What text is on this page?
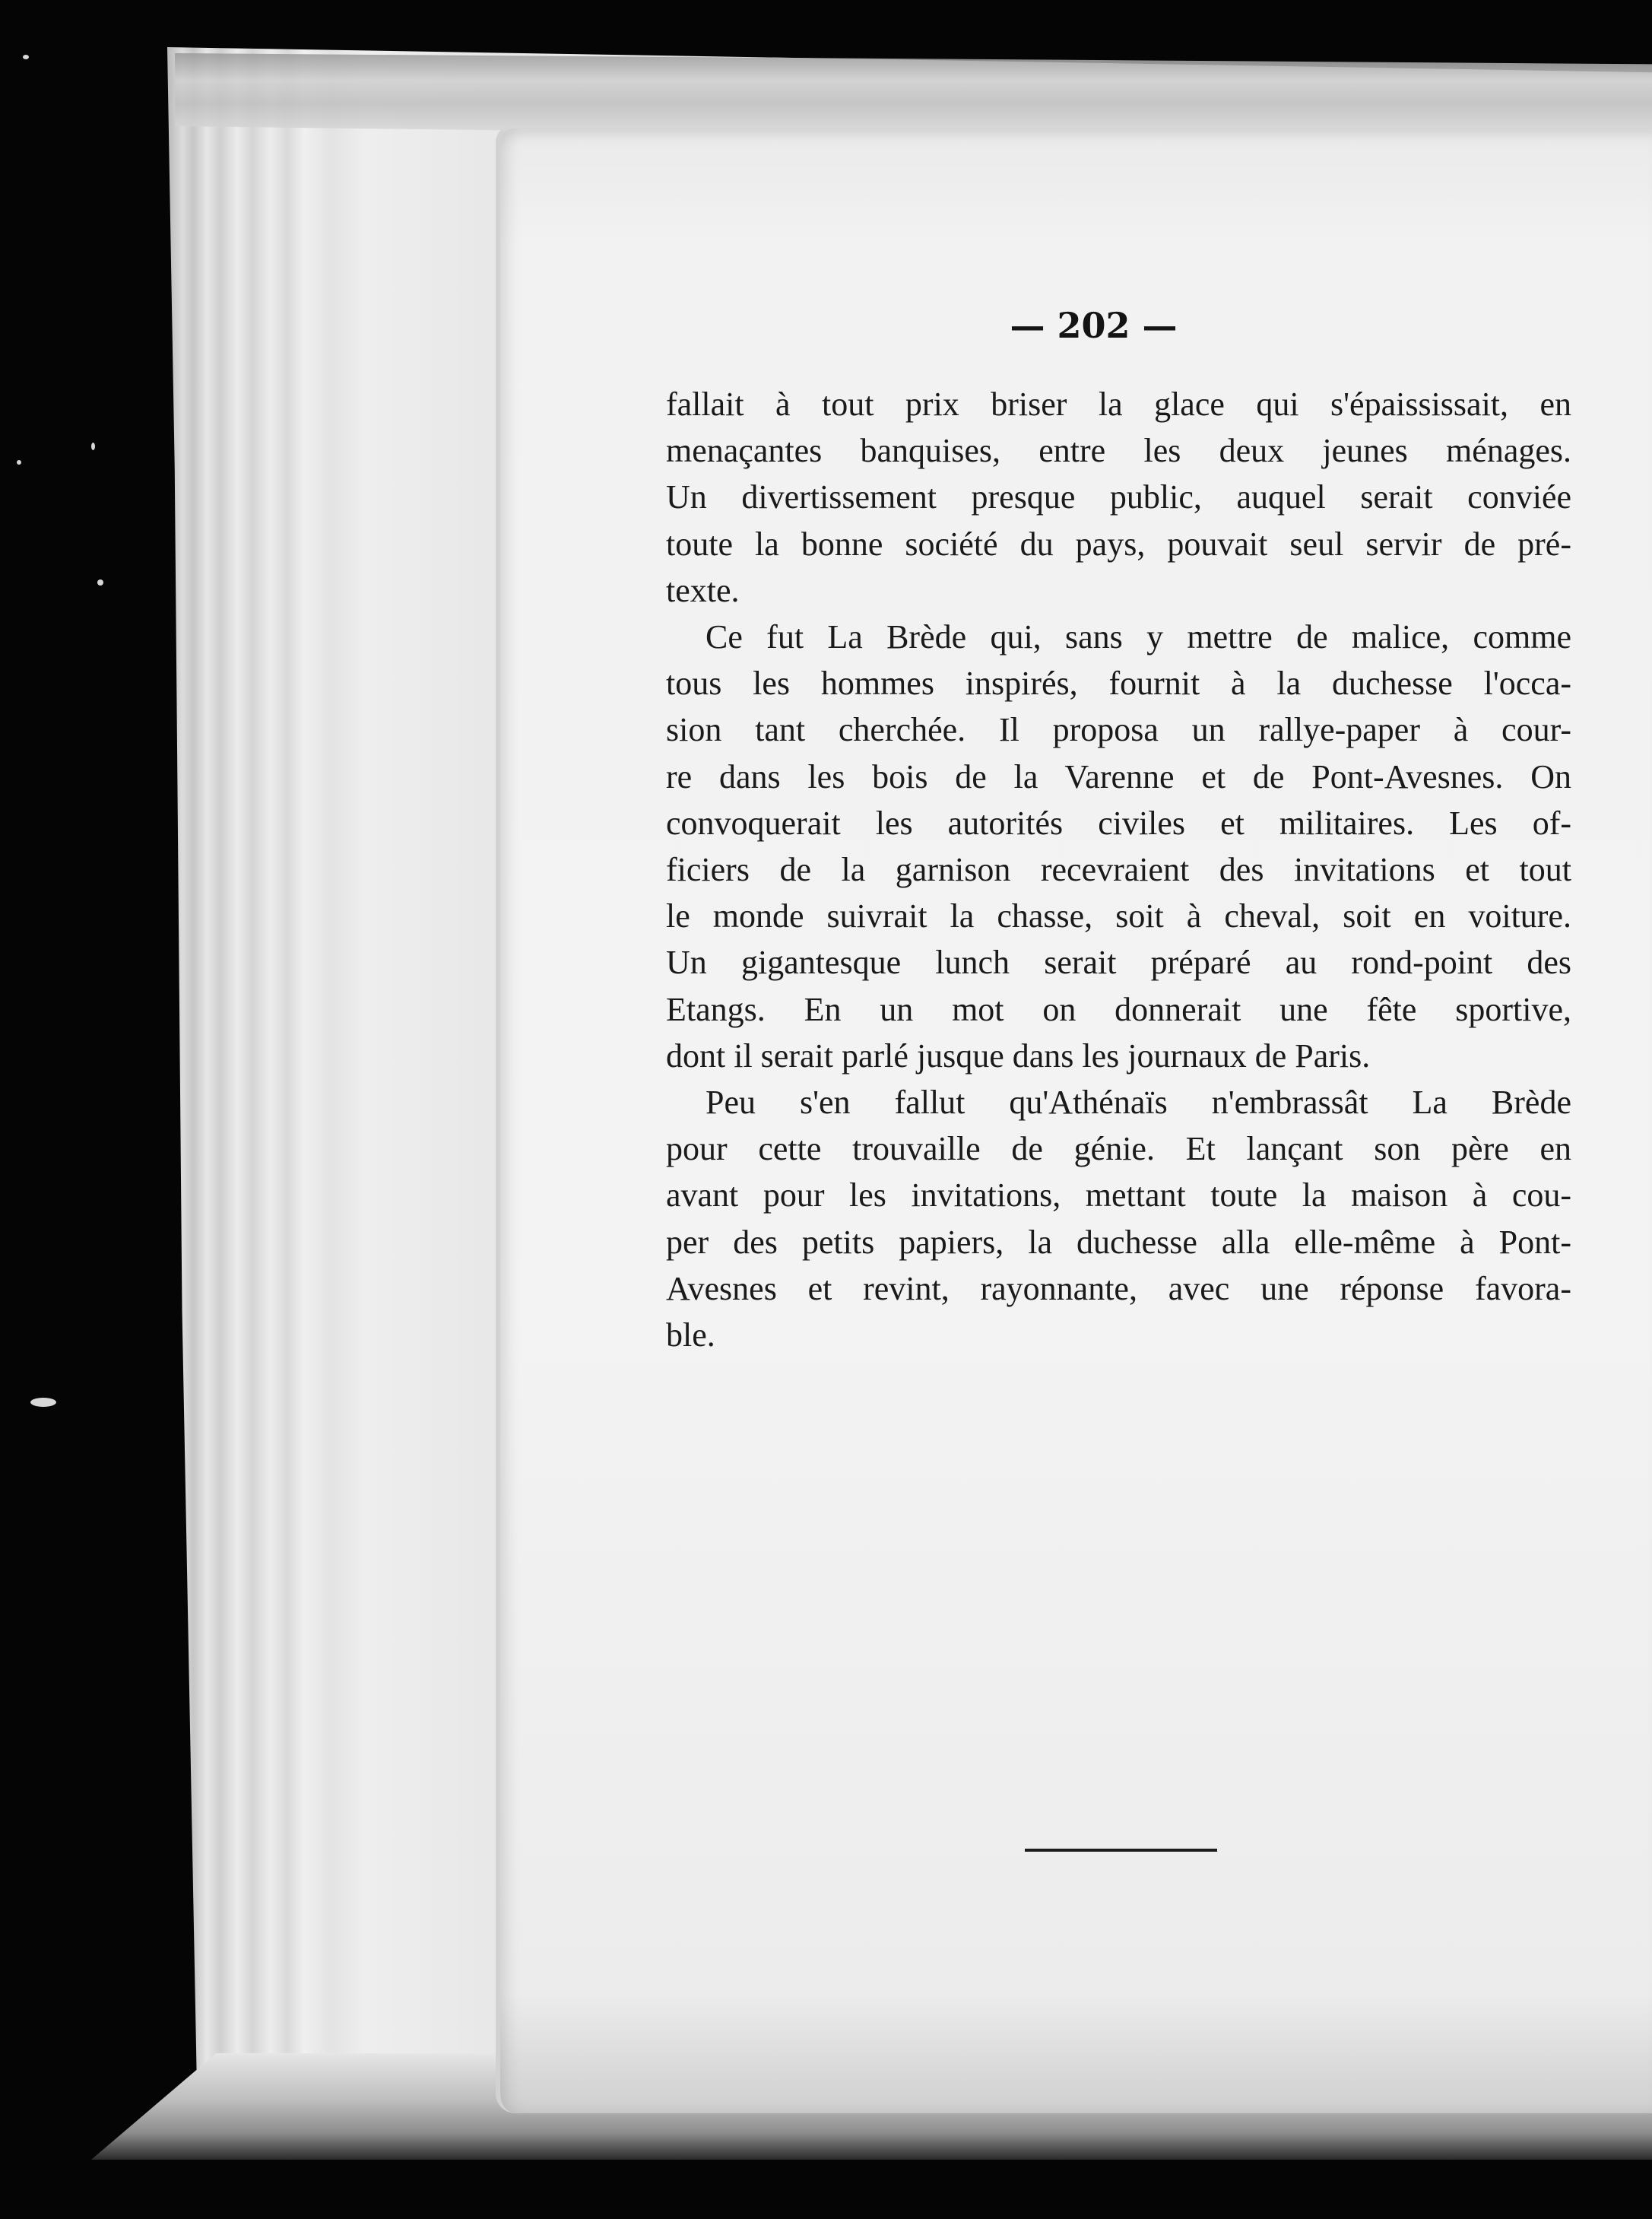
— 202 —
fallait à tout prix briser la glace qui s'épaississait, en
menaçantes banquises, entre les deux jeunes ménages.
Un divertissement presque public, auquel serait conviée
toute la bonne société du pays, pouvait seul servir de pré-
texte.
Ce fut La Brède qui, sans y mettre de malice, comme
tous les hommes inspirés, fournit à la duchesse l'occa-
sion tant cherchée. Il proposa un rallye-paper à cour-
re dans les bois de la Varenne et de Pont-Avesnes. On
convoquerait les autorités civiles et militaires. Les of-
ficiers de la garnison recevraient des invitations et tout
le monde suivrait la chasse, soit à cheval, soit en voiture.
Un gigantesque lunch serait préparé au rond-point des
Etangs. En un mot on donnerait une fête sportive,
dont il serait parlé jusque dans les journaux de Paris.
Peu s'en fallut qu'Athénaïs n'embrassât La Brède
pour cette trouvaille de génie. Et lançant son père en
avant pour les invitations, mettant toute la maison à cou-
per des petits papiers, la duchesse alla elle-même à Pont-
Avesnes et revint, rayonnante, avec une réponse favora-
ble.
